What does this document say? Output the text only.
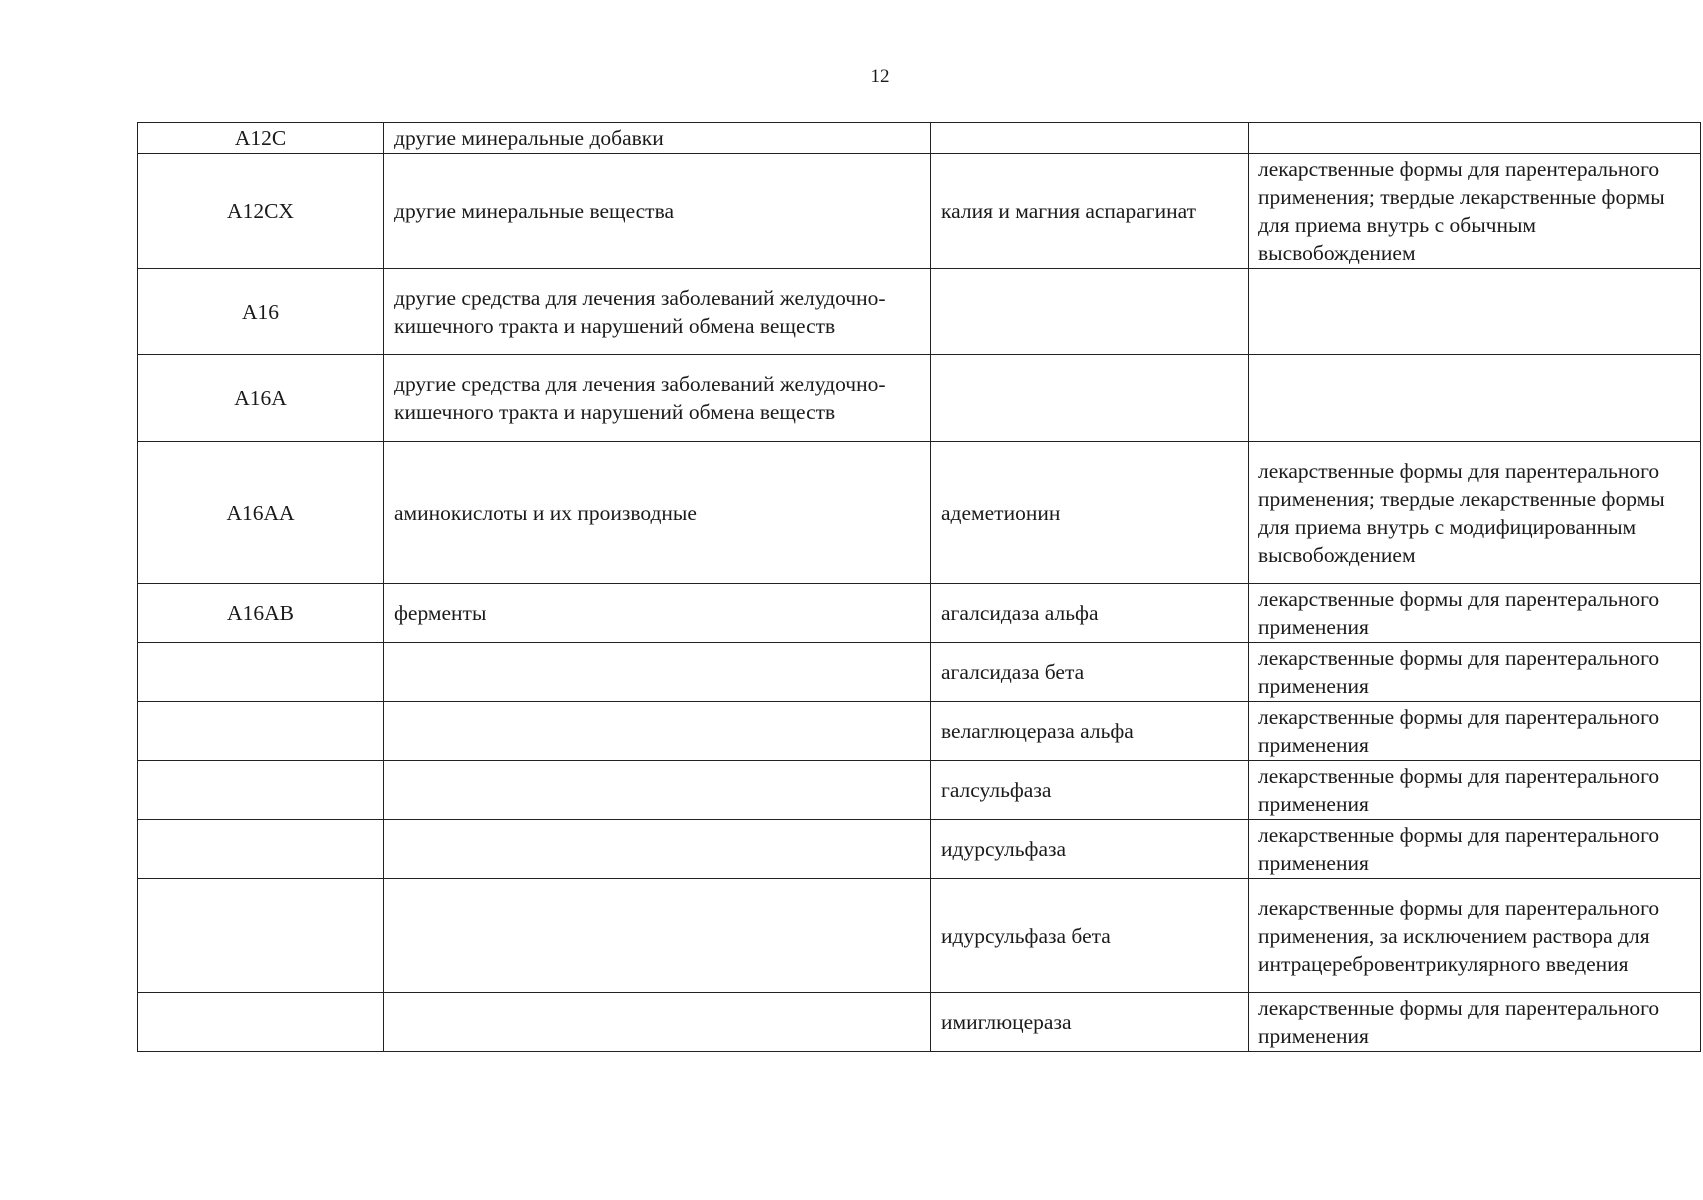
12
A12C	другие минеральные добавки		
A12CX	другие минеральные вещества	калия и магния аспарагинат	лекарственные формы для парентерального применения; твердые лекарственные формы для приема внутрь с обычным высвобождением
A16	другие средства для лечения заболеваний желудочно-кишечного тракта и нарушений обмена веществ		
A16A	другие средства для лечения заболеваний желудочно-кишечного тракта и нарушений обмена веществ		
A16AA	аминокислоты и их производные	адеметионин	лекарственные формы для парентерального применения; твердые лекарственные формы для приема внутрь с модифицированным высвобождением
A16AB	ферменты	агалсидаза альфа	лекарственные формы для парентерального применения
		агалсидаза бета	лекарственные формы для парентерального применения
		велаглюцераза альфа	лекарственные формы для парентерального применения
		галсульфаза	лекарственные формы для парентерального применения
		идурсульфаза	лекарственные формы для парентерального применения
		идурсульфаза бета	лекарственные формы для парентерального применения, за исключением раствора для интрацеребровентрикулярного введения
		имиглюцераза	лекарственные формы для парентерального применения
